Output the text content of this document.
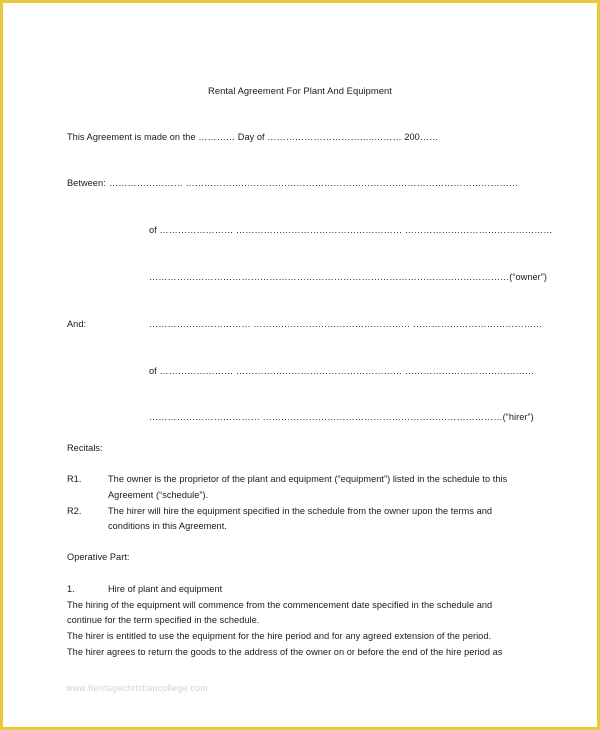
Rental Agreement For Plant And Equipment
This Agreement is made on the ………… Day of ……………………………..……… 200……
Between: …………………… ………………………………………………………………………………………………
of …………………… ……………………………………………… …………………………………………
………………………………………………………………………………………………………(“owner”)
And:	…………………………… …………………………………………… ……………………………………
of …………………… ……………………………………………… ……………………………………
……………………………… ……………………………………………………………………(“hirer”)
Recitals:
R1.	The owner is the proprietor of the plant and equipment (“equipment”) listed in the schedule to this
Agreement (“schedule”).
R2.	The hirer will hire the equipment specified in the schedule from the owner upon the terms and
conditions in this Agreement.
Operative Part:
1.	Hire of plant and equipment
The hiring of the equipment will commence from the commencement date specified in the schedule and
continue for the term specified in the schedule.
The hirer is entitled to use the equipment for the hire period and for any agreed extension of the period.
The hirer agrees to return the goods to the address of the owner on or before the end of the hire period as
www.heritagechristiancollege.com
